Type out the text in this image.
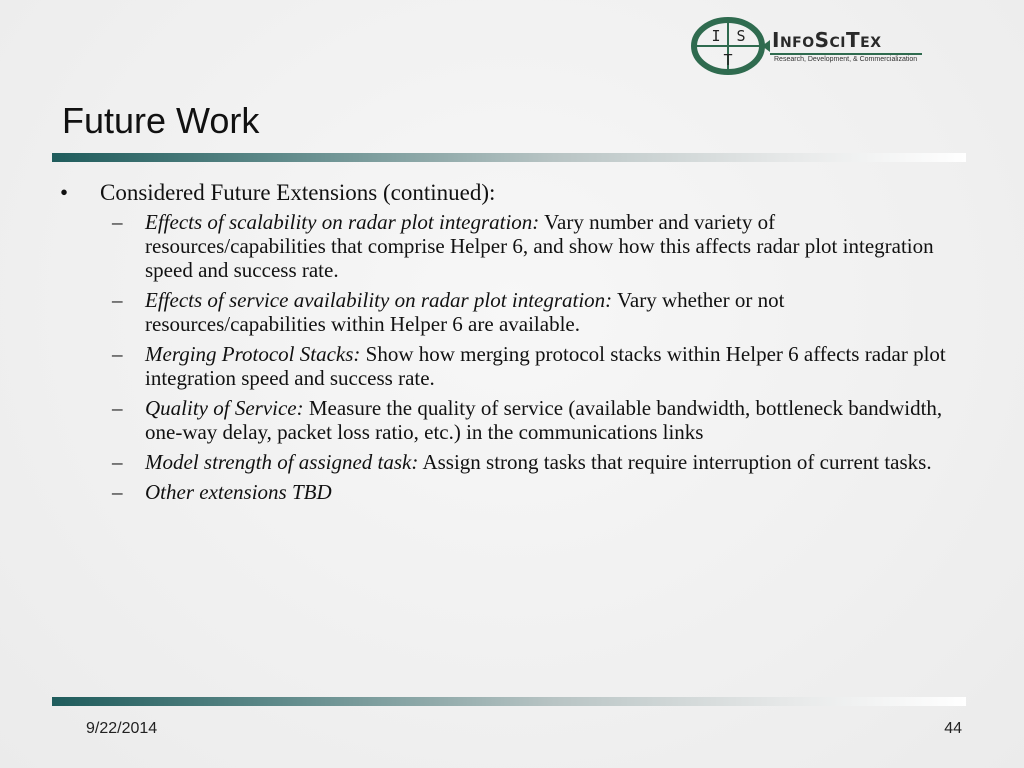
I S
T
InfoSciTex
Research, Development, & Commercialization
Future Work
• Considered Future Extensions (continued):
– Effects of scalability on radar plot integration: Vary number and variety of resources/capabilities that comprise Helper 6, and show how this affects radar plot integration speed and success rate.
– Effects of service availability on radar plot integration: Vary whether or not resources/capabilities within Helper 6 are available.
– Merging Protocol Stacks: Show how merging protocol stacks within Helper 6 affects radar plot integration speed and success rate.
– Quality of Service: Measure the quality of service (available bandwidth, bottleneck bandwidth, one-way delay, packet loss ratio, etc.) in the communications links
– Model strength of assigned task: Assign strong tasks that require interruption of current tasks.
– Other extensions TBD
9/22/2014	44
